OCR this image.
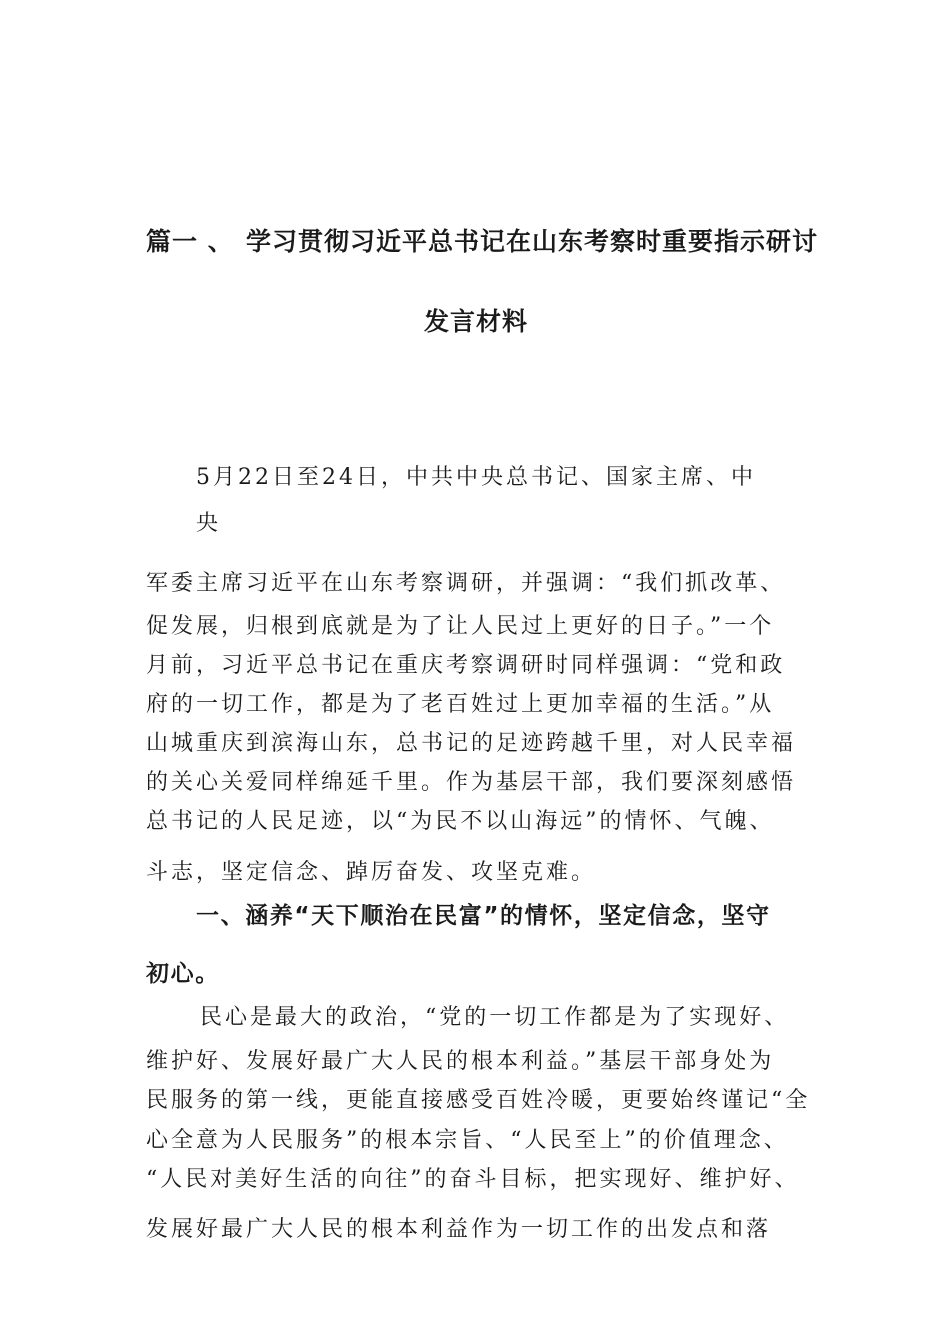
篇一 、 学习贯彻习近平总书记在山东考察时重要指示研讨
发言材料
5月22日至24日，中共中央总书记、国家主席、中
央
军委主席习近平在山东考察调研，并强调：“我们抓改革、
促发展，归根到底就是为了让人民过上更好的日子。”一个
月前，习近平总书记在重庆考察调研时同样强调：“党和政
府的一切工作，都是为了老百姓过上更加幸福的生活。”从
山城重庆到滨海山东，总书记的足迹跨越千里，对人民幸福
的关心关爱同样绵延千里。作为基层干部，我们要深刻感悟
总书记的人民足迹，以“为民不以山海远”的情怀、气魄、
斗志，坚定信念、踔厉奋发、攻坚克难。
一、涵养“天下顺治在民富”的情怀，坚定信念，坚守
初心。
民心是最大的政治，“党的一切工作都是为了实现好、
维护好、发展好最广大人民的根本利益。”基层干部身处为
民服务的第一线，更能直接感受百姓冷暖，更要始终谨记“全
心全意为人民服务”的根本宗旨、“人民至上”的价值理念、
“人民对美好生活的向往”的奋斗目标，把实现好、维护好、
发展好最广大人民的根本利益作为一切工作的出发点和落
